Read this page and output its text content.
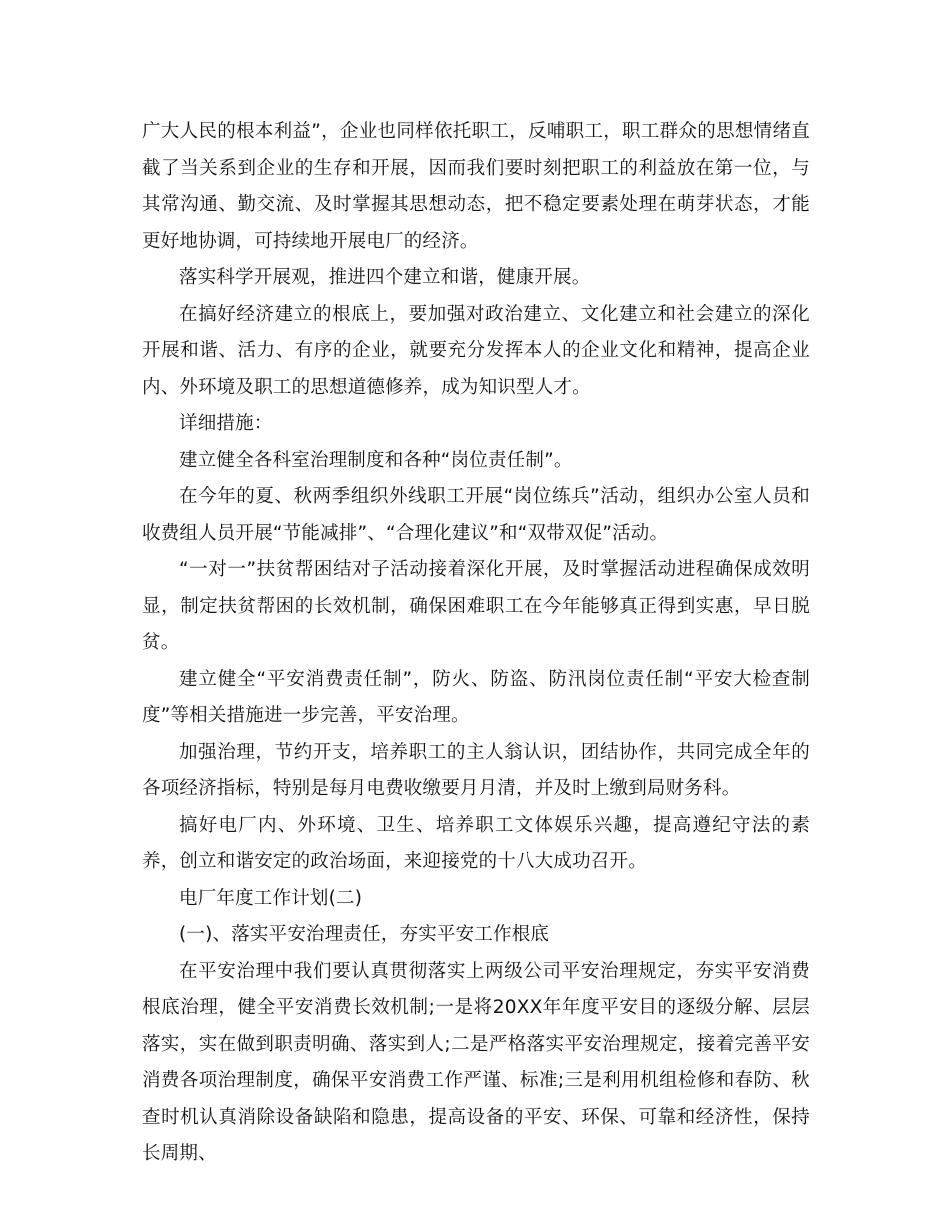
广大人民的根本利益”，企业也同样依托职工，反哺职工，职工群众的思想情绪直截了当关系到企业的生存和开展，因而我们要时刻把职工的利益放在第一位，与其常沟通、勤交流、及时掌握其思想动态，把不稳定要素处理在萌芽状态，才能更好地协调，可持续地开展电厂的经济。

落实科学开展观，推进四个建立和谐，健康开展。

在搞好经济建立的根底上，要加强对政治建立、文化建立和社会建立的深化开展和谐、活力、有序的企业，就要充分发挥本人的企业文化和精神，提高企业内、外环境及职工的思想道德修养，成为知识型人才。

详细措施：

建立健全各科室治理制度和各种“岗位责任制”。

在今年的夏、秋两季组织外线职工开展“岗位练兵”活动，组织办公室人员和收费组人员开展“节能减排”、“合理化建议”和“双带双促”活动。

“一对一”扶贫帮困结对子活动接着深化开展，及时掌握活动进程确保成效明显，制定扶贫帮困的长效机制，确保困难职工在今年能够真正得到实惠，早日脱贫。

建立健全“平安消费责任制”，防火、防盗、防汛岗位责任制“平安大检查制度”等相关措施进一步完善，平安治理。

加强治理，节约开支，培养职工的主人翁认识，团结协作，共同完成全年的各项经济指标，特别是每月电费收缴要月月清，并及时上缴到局财务科。

搞好电厂内、外环境、卫生、培养职工文体娱乐兴趣，提高遵纪守法的素养，创立和谐安定的政治场面，来迎接党的十八大成功召开。

电厂年度工作计划(二)

(一)、落实平安治理责任，夯实平安工作根底

在平安治理中我们要认真贯彻落实上两级公司平安治理规定，夯实平安消费根底治理，健全平安消费长效机制;一是将20XX年年度平安目的逐级分解、层层落实，实在做到职责明确、落实到人;二是严格落实平安治理规定，接着完善平安消费各项治理制度，确保平安消费工作严谨、标准;三是利用机组检修和春防、秋查时机认真消除设备缺陷和隐患，提高设备的平安、环保、可靠和经济性，保持长周期、
